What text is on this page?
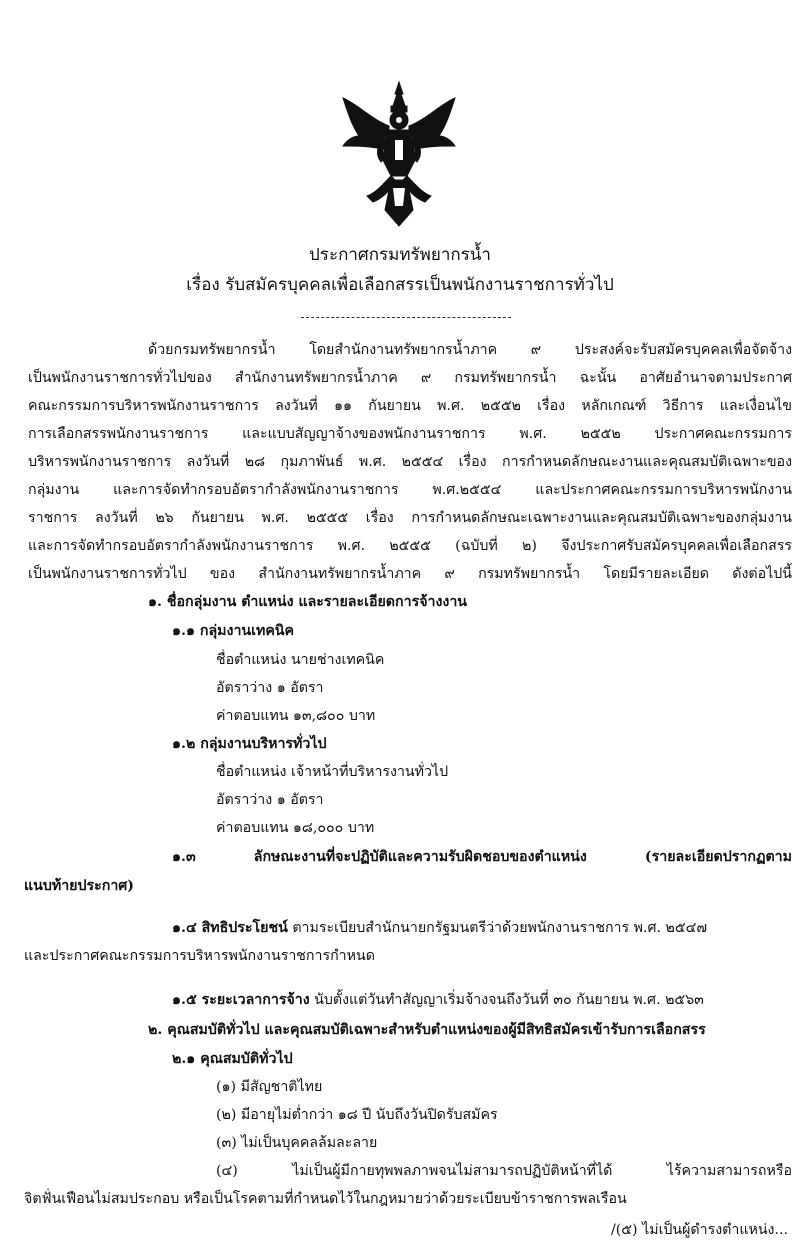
ประกาศกรมทรัพยากรน้ำ
เรื่อง รับสมัครบุคคลเพื่อเลือกสรรเป็นพนักงานราชการทั่วไป
ด้วยกรมทรัพยากรน้ำ โดยสำนักงานทรัพยากรน้ำภาค ๙ ประสงค์จะรับสมัครบุคคลเพื่อจัดจ้าง
เป็นพนักงานราชการทั่วไปของ สำนักงานทรัพยากรน้ำภาค ๙ กรมทรัพยากรน้ำ ฉะนั้น อาศัยอำนาจตามประกาศ
คณะกรรมการบริหารพนักงานราชการ ลงวันที่ ๑๑ กันยายน พ.ศ. ๒๕๕๒ เรื่อง หลักเกณฑ์ วิธีการ และเงื่อนไข
การเลือกสรรพนักงานราชการ และแบบสัญญาจ้างของพนักงานราชการ พ.ศ. ๒๕๕๒ ประกาศคณะกรรมการ
บริหารพนักงานราชการ ลงวันที่ ๒๘ กุมภาพันธ์ พ.ศ. ๒๕๕๔ เรื่อง การกำหนดลักษณะงานและคุณสมบัติเฉพาะของ
กลุ่มงาน และการจัดทำกรอบอัตรากำลังพนักงานราชการ พ.ศ.๒๕๕๔ และประกาศคณะกรรมการบริหารพนักงาน
ราชการ ลงวันที่ ๒๖ กันยายน พ.ศ. ๒๕๕๕ เรื่อง การกำหนดลักษณะเฉพาะงานและคุณสมบัติเฉพาะของกลุ่มงาน
และการจัดทำกรอบอัตรากำลังพนักงานราชการ พ.ศ. ๒๕๕๕ (ฉบับที่ ๒) จึงประกาศรับสมัครบุคคลเพื่อเลือกสรร
เป็นพนักงานราชการทั่วไป ของ สำนักงานทรัพยากรน้ำภาค ๙ กรมทรัพยากรน้ำ โดยมีรายละเอียด ดังต่อไปนี้
๑. ชื่อกลุ่มงาน ตำแหน่ง และรายละเอียดการจ้างงาน
๑.๑ กลุ่มงานเทคนิค
ชื่อตำแหน่ง นายช่างเทคนิค
อัตราว่าง ๑ อัตรา
ค่าตอบแทน ๑๓,๘๐๐ บาท
๑.๒ กลุ่มงานบริหารทั่วไป
ชื่อตำแหน่ง เจ้าหน้าที่บริหารงานทั่วไป
อัตราว่าง ๑ อัตรา
ค่าตอบแทน ๑๘,๐๐๐ บาท
๑.๓ ลักษณะงานที่จะปฏิบัติและความรับผิดชอบของตำแหน่ง (รายละเอียดปรากฏตาม
แนบท้ายประกาศ)
๑.๔ สิทธิประโยชน์ ตามระเบียบสำนักนายกรัฐมนตรีว่าด้วยพนักงานราชการ พ.ศ. ๒๕๔๗
และประกาศคณะกรรมการบริหารพนักงานราชการกำหนด
๑.๕ ระยะเวลาการจ้าง นับตั้งแต่วันทำสัญญาเริ่มจ้างจนถึงวันที่ ๓๐ กันยายน พ.ศ. ๒๕๖๓
๒. คุณสมบัติทั่วไป และคุณสมบัติเฉพาะสำหรับตำแหน่งของผู้มีสิทธิสมัครเข้ารับการเลือกสรร
๒.๑ คุณสมบัติทั่วไป
(๑) มีสัญชาติไทย
(๒) มีอายุไม่ต่ำกว่า ๑๘ ปี นับถึงวันปิดรับสมัคร
(๓) ไม่เป็นบุคคลล้มละลาย
(๔) ไม่เป็นผู้มีกายทุพพลภาพจนไม่สามารถปฏิบัติหน้าที่ได้ ไร้ความสามารถหรือ
จิตฟั่นเฟือนไม่สมประกอบ หรือเป็นโรคตามที่กำหนดไว้ในกฎหมายว่าด้วยระเบียบข้าราชการพลเรือน
/(๕) ไม่เป็นผู้ดำรงตำแหน่ง...
